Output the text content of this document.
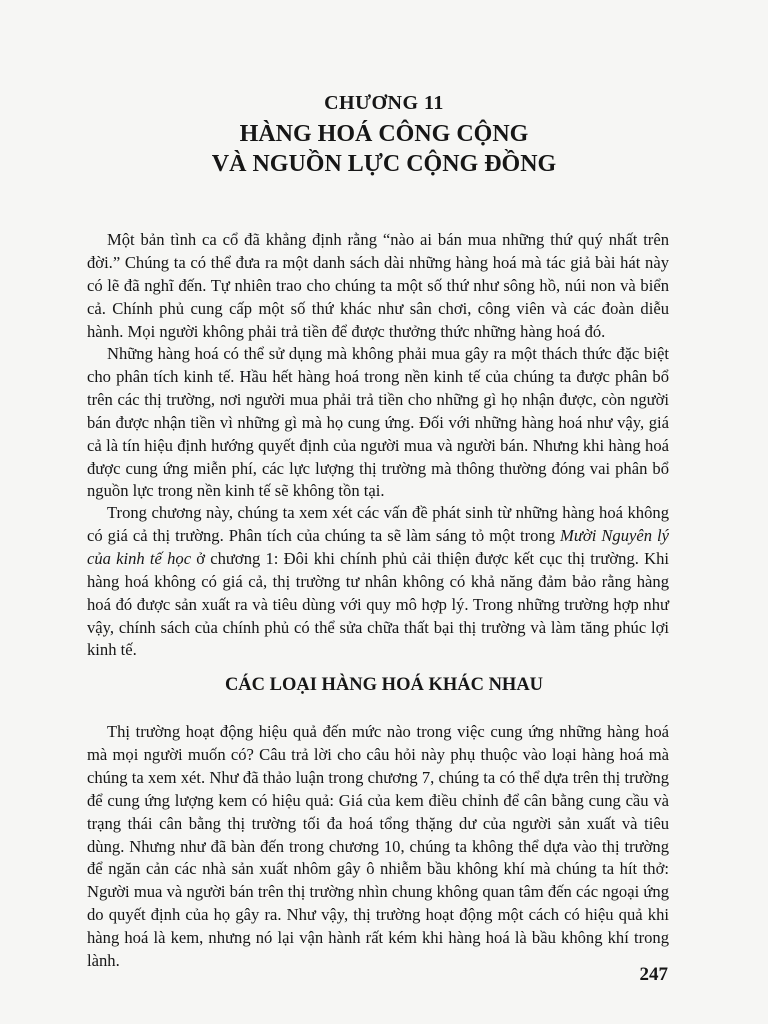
CHƯƠNG 11
HÀNG HOÁ CÔNG CỘNG
VÀ NGUỒN LỰC CỘNG ĐỒNG

Một bản tình ca cổ đã khẳng định rằng “nào ai bán mua những thứ quý nhất trên đời.” Chúng ta có thể đưa ra một danh sách dài những hàng hoá mà tác giả bài hát này có lẽ đã nghĩ đến. Tự nhiên trao cho chúng ta một số thứ như sông hồ, núi non và biển cả. Chính phủ cung cấp một số thứ khác như sân chơi, công viên và các đoàn diễu hành. Mọi người không phải trả tiền để được thưởng thức những hàng hoá đó.

Những hàng hoá có thể sử dụng mà không phải mua gây ra một thách thức đặc biệt cho phân tích kinh tế. Hầu hết hàng hoá trong nền kinh tế của chúng ta được phân bổ trên các thị trường, nơi người mua phải trả tiền cho những gì họ nhận được, còn người bán được nhận tiền vì những gì mà họ cung ứng. Đối với những hàng hoá như vậy, giá cả là tín hiệu định hướng quyết định của người mua và người bán. Nhưng khi hàng hoá được cung ứng miễn phí, các lực lượng thị trường mà thông thường đóng vai phân bổ nguồn lực trong nền kinh tế sẽ không tồn tại.

Trong chương này, chúng ta xem xét các vấn đề phát sinh từ những hàng hoá không có giá cả thị trường. Phân tích của chúng ta sẽ làm sáng tỏ một trong Mười Nguyên lý của kinh tế học ở chương 1: Đôi khi chính phủ cải thiện được kết cục thị trường. Khi hàng hoá không có giá cả, thị trường tư nhân không có khả năng đảm bảo rằng hàng hoá đó được sản xuất ra và tiêu dùng với quy mô hợp lý. Trong những trường hợp như vậy, chính sách của chính phủ có thể sửa chữa thất bại thị trường và làm tăng phúc lợi kinh tế.

CÁC LOẠI HÀNG HOÁ KHÁC NHAU

Thị trường hoạt động hiệu quả đến mức nào trong việc cung ứng những hàng hoá mà mọi người muốn có? Câu trả lời cho câu hỏi này phụ thuộc vào loại hàng hoá mà chúng ta xem xét. Như đã thảo luận trong chương 7, chúng ta có thể dựa trên thị trường để cung ứng lượng kem có hiệu quả: Giá của kem điều chỉnh để cân bằng cung cầu và trạng thái cân bằng thị trường tối đa hoá tổng thặng dư của người sản xuất và tiêu dùng. Nhưng như đã bàn đến trong chương 10, chúng ta không thể dựa vào thị trường để ngăn cản các nhà sản xuất nhôm gây ô nhiễm bầu không khí mà chúng ta hít thở: Người mua và người bán trên thị trường nhìn chung không quan tâm đến các ngoại ứng do quyết định của họ gây ra. Như vậy, thị trường hoạt động một cách có hiệu quả khi hàng hoá là kem, nhưng nó lại vận hành rất kém khi hàng hoá là bầu không khí trong lành.

247
